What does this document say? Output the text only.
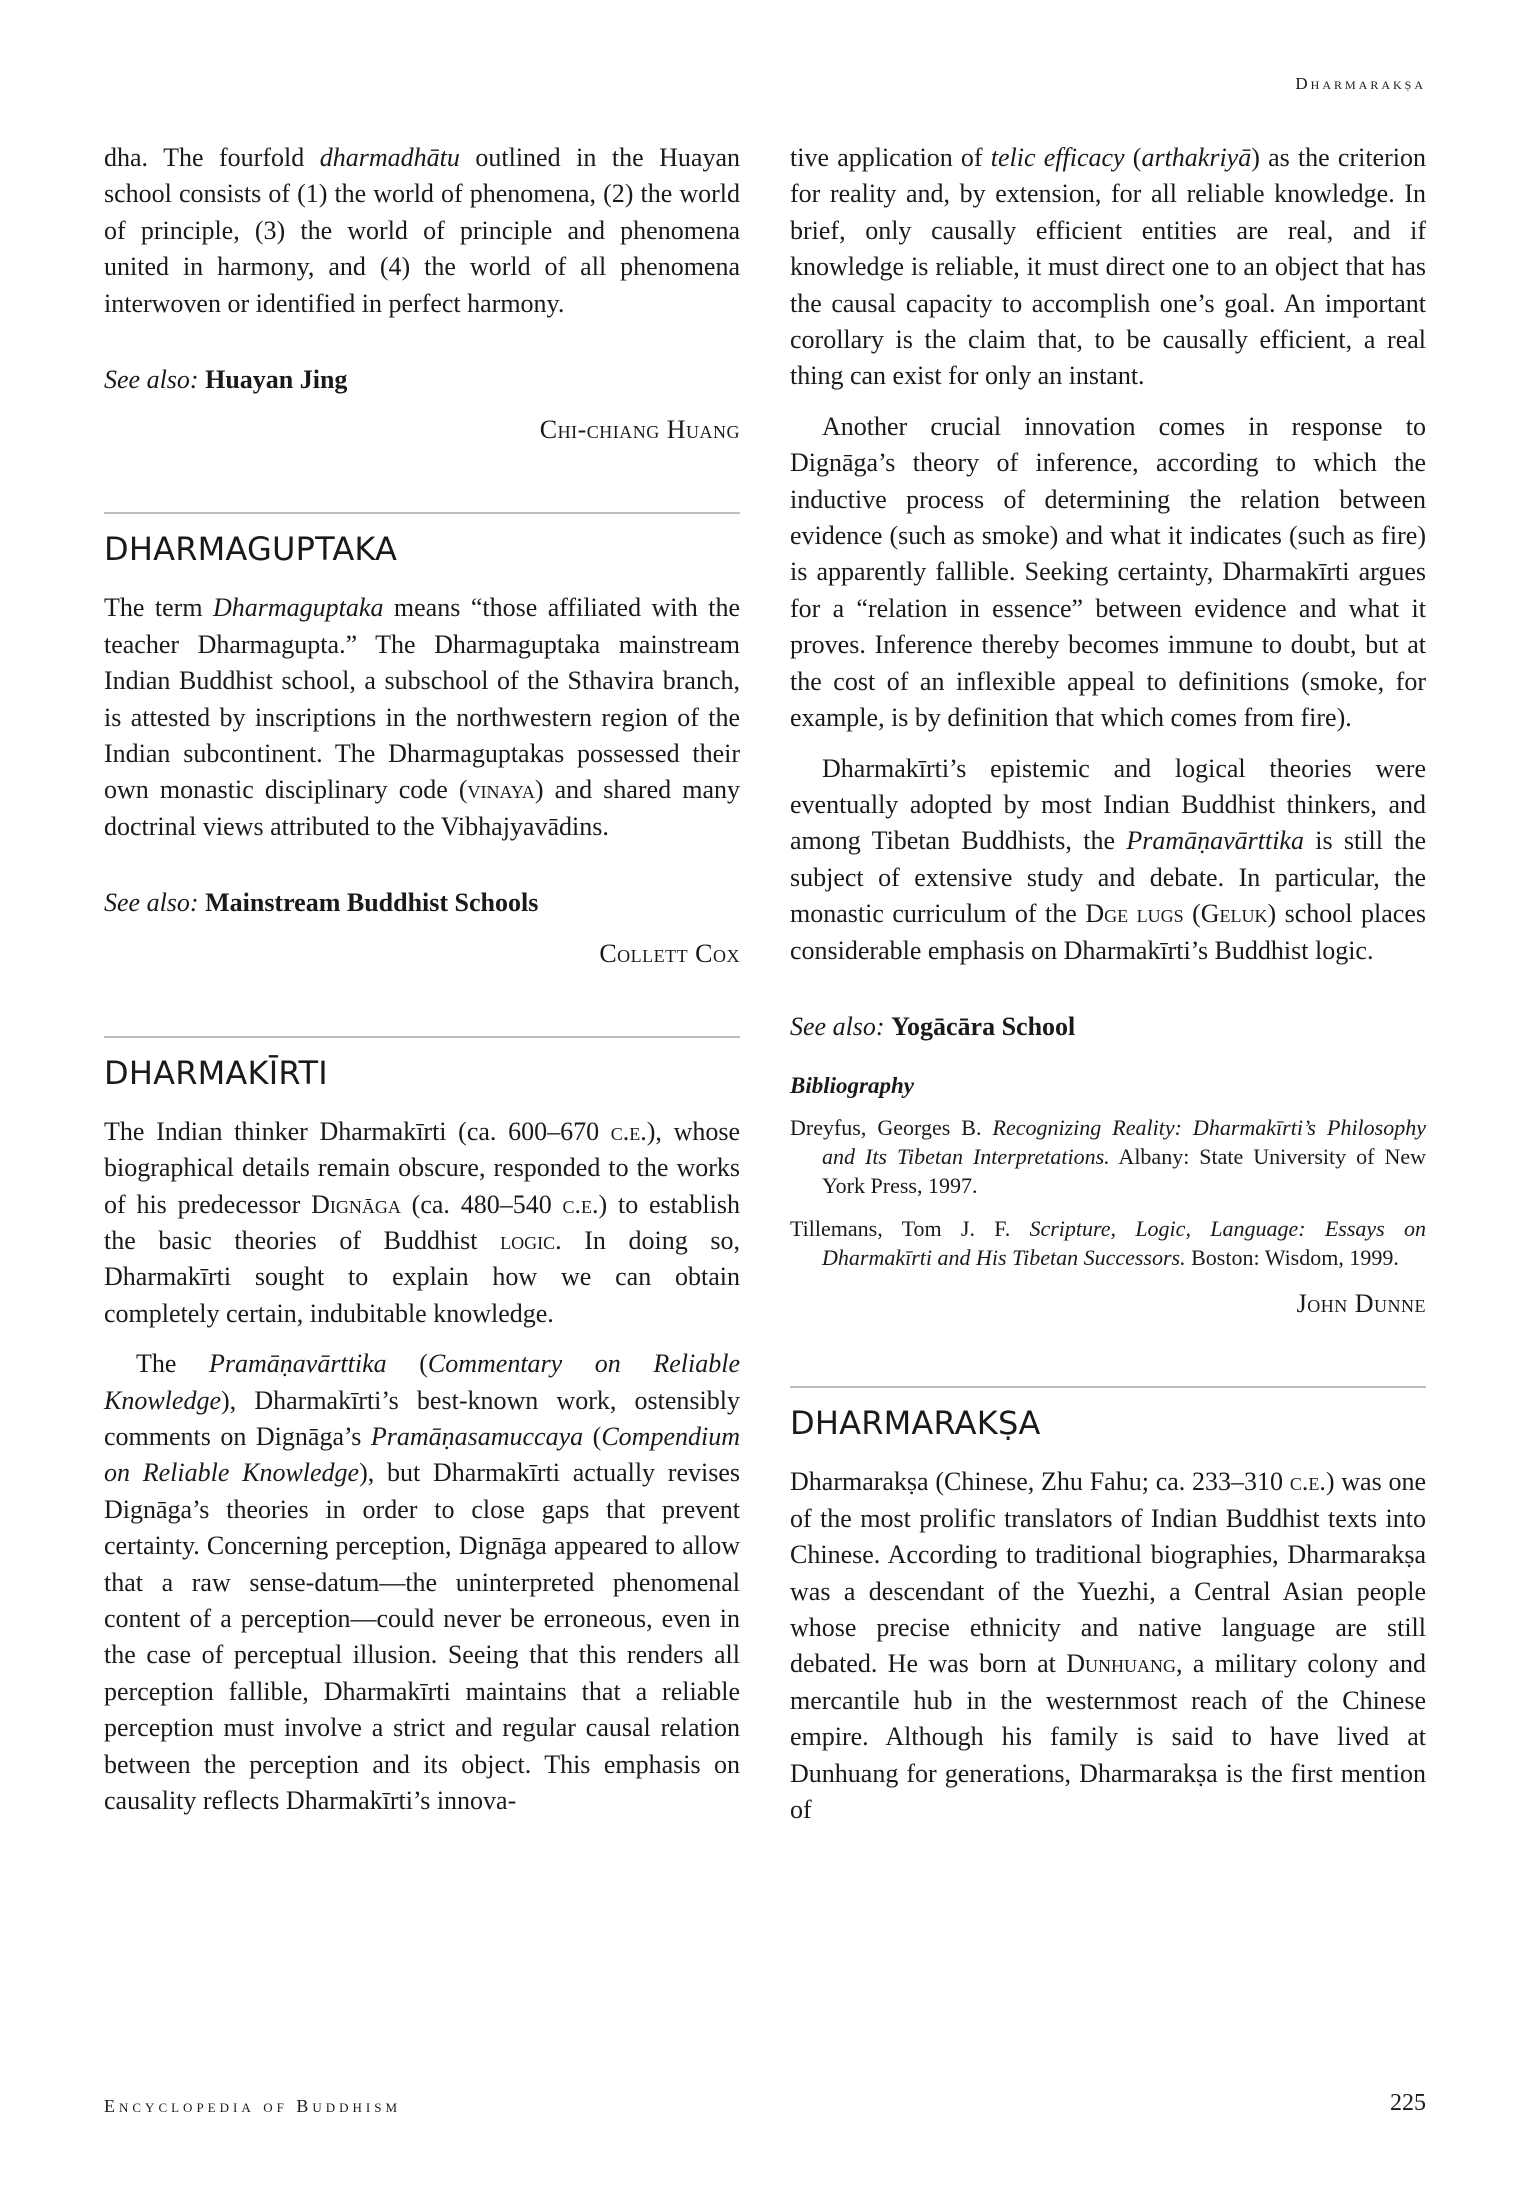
Dharmarakṣa

dha. The fourfold dharmadhātu outlined in the Huayan school consists of (1) the world of phenomena, (2) the world of principle, (3) the world of principle and phenomena united in harmony, and (4) the world of all phenomena interwoven or identified in perfect harmony.

See also: Huayan Jing

Chi-chiang Huang
DHARMAGUPTAKA

The term Dharmaguptaka means “those affiliated with the teacher Dharmagupta.” The Dharmaguptaka mainstream Indian Buddhist school, a subschool of the Sthavira branch, is attested by inscriptions in the northwestern region of the Indian subcontinent. The Dharmaguptakas possessed their own monastic disciplinary code (vinaya) and shared many doctrinal views attributed to the Vibhajyavādins.

See also: Mainstream Buddhist Schools

Collett Cox
DHARMAKĪRTI

The Indian thinker Dharmakīrti (ca. 600–670 c.e.), whose biographical details remain obscure, responded to the works of his predecessor Dignāga (ca. 480–540 c.e.) to establish the basic theories of Buddhist logic. In doing so, Dharmakīrti sought to explain how we can obtain completely certain, indubitable knowledge.

The Pramāṇavārttika (Commentary on Reliable Knowledge), Dharmakīrti’s best-known work, ostensibly comments on Dignāga’s Pramāṇasamuccaya (Compendium on Reliable Knowledge), but Dharmakīrti actually revises Dignāga’s theories in order to close gaps that prevent certainty. Concerning perception, Dignāga appeared to allow that a raw sense-datum—the uninterpreted phenomenal content of a perception—could never be erroneous, even in the case of perceptual illusion. Seeing that this renders all perception fallible, Dharmakīrti maintains that a reliable perception must involve a strict and regular causal relation between the perception and its object. This emphasis on causality reflects Dharmakīrti’s innova-

tive application of telic efficacy (arthakriyā) as the criterion for reality and, by extension, for all reliable knowledge. In brief, only causally efficient entities are real, and if knowledge is reliable, it must direct one to an object that has the causal capacity to accomplish one’s goal. An important corollary is the claim that, to be causally efficient, a real thing can exist for only an instant.

Another crucial innovation comes in response to Dignāga’s theory of inference, according to which the inductive process of determining the relation between evidence (such as smoke) and what it indicates (such as fire) is apparently fallible. Seeking certainty, Dharmakīrti argues for a “relation in essence” between evidence and what it proves. Inference thereby becomes immune to doubt, but at the cost of an inflexible appeal to definitions (smoke, for example, is by definition that which comes from fire).

Dharmakīrti’s epistemic and logical theories were eventually adopted by most Indian Buddhist thinkers, and among Tibetan Buddhists, the Pramāṇavārttika is still the subject of extensive study and debate. In particular, the monastic curriculum of the Dge lugs (Geluk) school places considerable emphasis on Dharmakīrti’s Buddhist logic.

See also: Yogācāra School

Bibliography
Dreyfus, Georges B. Recognizing Reality: Dharmakīrti’s Philosophy and Its Tibetan Interpretations. Albany: State University of New York Press, 1997.
Tillemans, Tom J. F. Scripture, Logic, Language: Essays on Dharmakīrti and His Tibetan Successors. Boston: Wisdom, 1999.
John Dunne
DHARMARAKṢA

Dharmarakṣa (Chinese, Zhu Fahu; ca. 233–310 c.e.) was one of the most prolific translators of Indian Buddhist texts into Chinese. According to traditional biographies, Dharmarakṣa was a descendant of the Yuezhi, a Central Asian people whose precise ethnicity and native language are still debated. He was born at Dunhuang, a military colony and mercantile hub in the westernmost reach of the Chinese empire. Although his family is said to have lived at Dunhuang for generations, Dharmarakṣa is the first mention of

Encyclopedia of Buddhism	225
